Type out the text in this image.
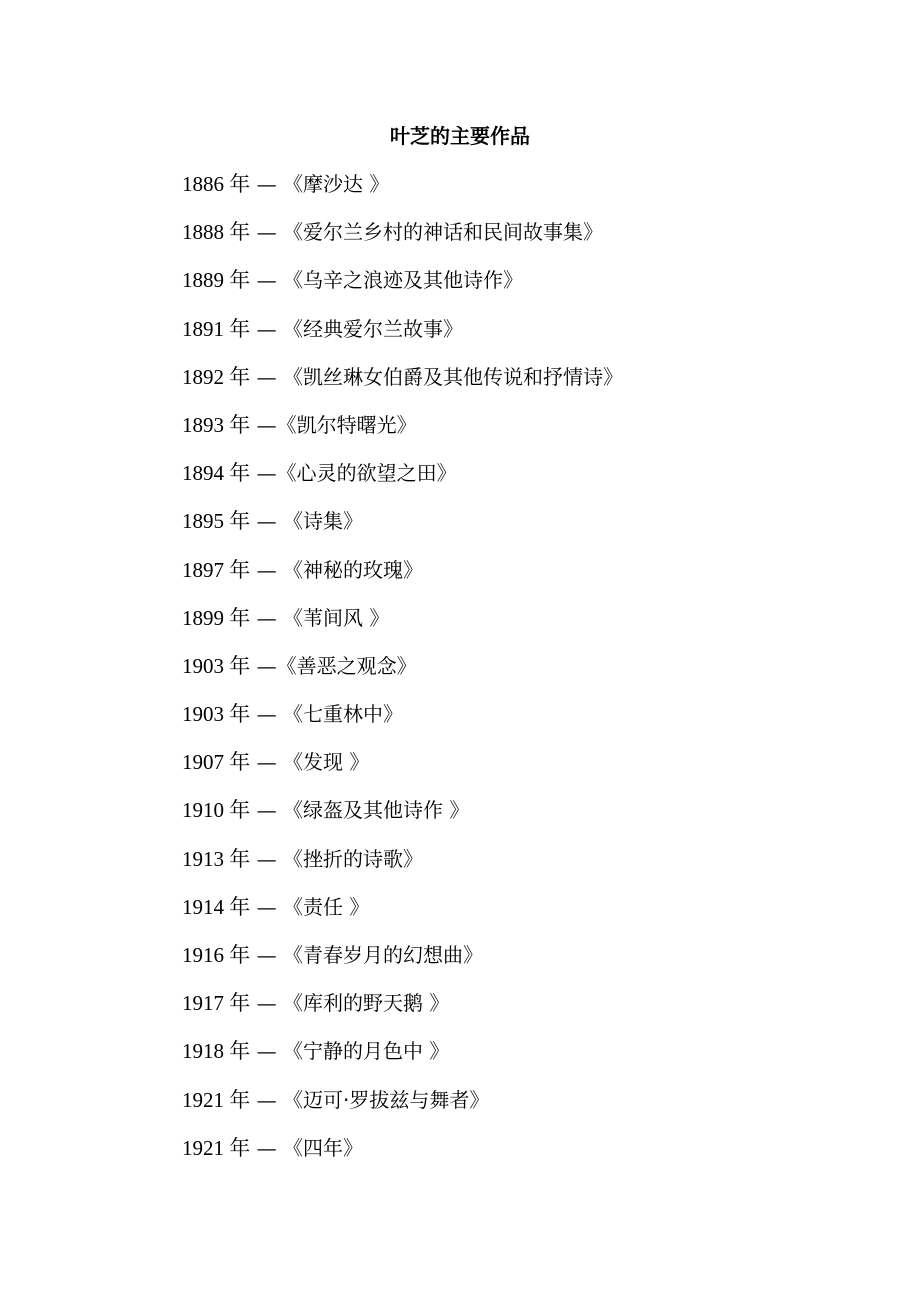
叶芝的主要作品
1886 年 — 《摩沙达 》
1888 年 — 《爱尔兰乡村的神话和民间故事集》
1889 年 — 《乌辛之浪迹及其他诗作》
1891 年 — 《经典爱尔兰故事》
1892 年 — 《凯丝琳女伯爵及其他传说和抒情诗》
1893 年 —《凯尔特曙光》
1894 年 —《心灵的欲望之田》
1895 年 — 《诗集》
1897 年 — 《神秘的玫瑰》
1899 年 — 《苇间风 》
1903 年 —《善恶之观念》
1903 年 — 《七重林中》
1907 年 — 《发现 》
1910 年 — 《绿盔及其他诗作 》
1913 年 — 《挫折的诗歌》
1914 年 — 《责任 》
1916 年 — 《青春岁月的幻想曲》
1917 年 — 《库利的野天鹅 》
1918 年 — 《宁静的月色中 》
1921 年 — 《迈可·罗拔兹与舞者》
1921 年 — 《四年》
